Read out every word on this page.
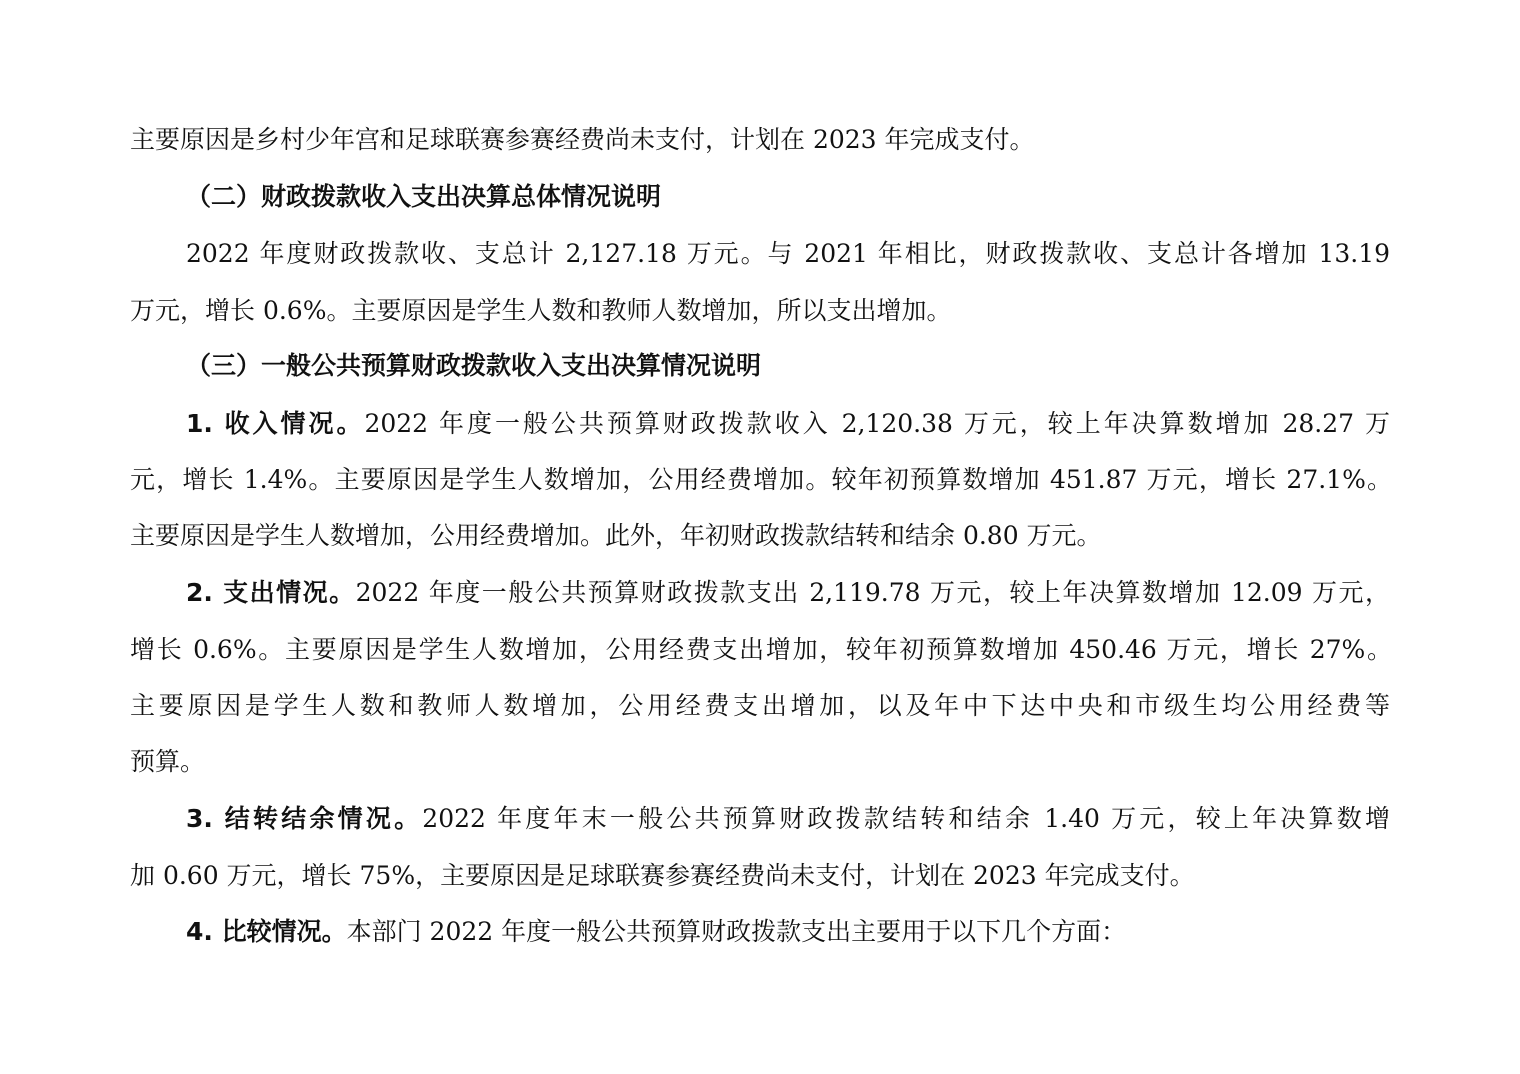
主要原因是乡村少年宫和足球联赛参赛经费尚未支付，计划在 2023 年完成支付。
（二）财政拨款收入支出决算总体情况说明
2022 年度财政拨款收、支总计 2,127.18 万元。与 2021 年相比，财政拨款收、支总计各增加 13.19
万元，增长 0.6%。主要原因是学生人数和教师人数增加，所以支出增加。
（三）一般公共预算财政拨款收入支出决算情况说明
1. 收入情况。2022 年度一般公共预算财政拨款收入 2,120.38 万元，较上年决算数增加 28.27 万
元，增长 1.4%。主要原因是学生人数增加，公用经费增加。较年初预算数增加 451.87 万元，增长 27.1%。
主要原因是学生人数增加，公用经费增加。此外，年初财政拨款结转和结余 0.80 万元。
2. 支出情况。2022 年度一般公共预算财政拨款支出 2,119.78 万元，较上年决算数增加 12.09 万元，
增长 0.6%。主要原因是学生人数增加，公用经费支出增加，较年初预算数增加 450.46 万元，增长 27%。
主要原因是学生人数和教师人数增加，公用经费支出增加，以及年中下达中央和市级生均公用经费等
预算。
3. 结转结余情况。2022 年度年末一般公共预算财政拨款结转和结余 1.40 万元，较上年决算数增
加 0.60 万元，增长 75%，主要原因是足球联赛参赛经费尚未支付，计划在 2023 年完成支付。
4. 比较情况。本部门 2022 年度一般公共预算财政拨款支出主要用于以下几个方面：
